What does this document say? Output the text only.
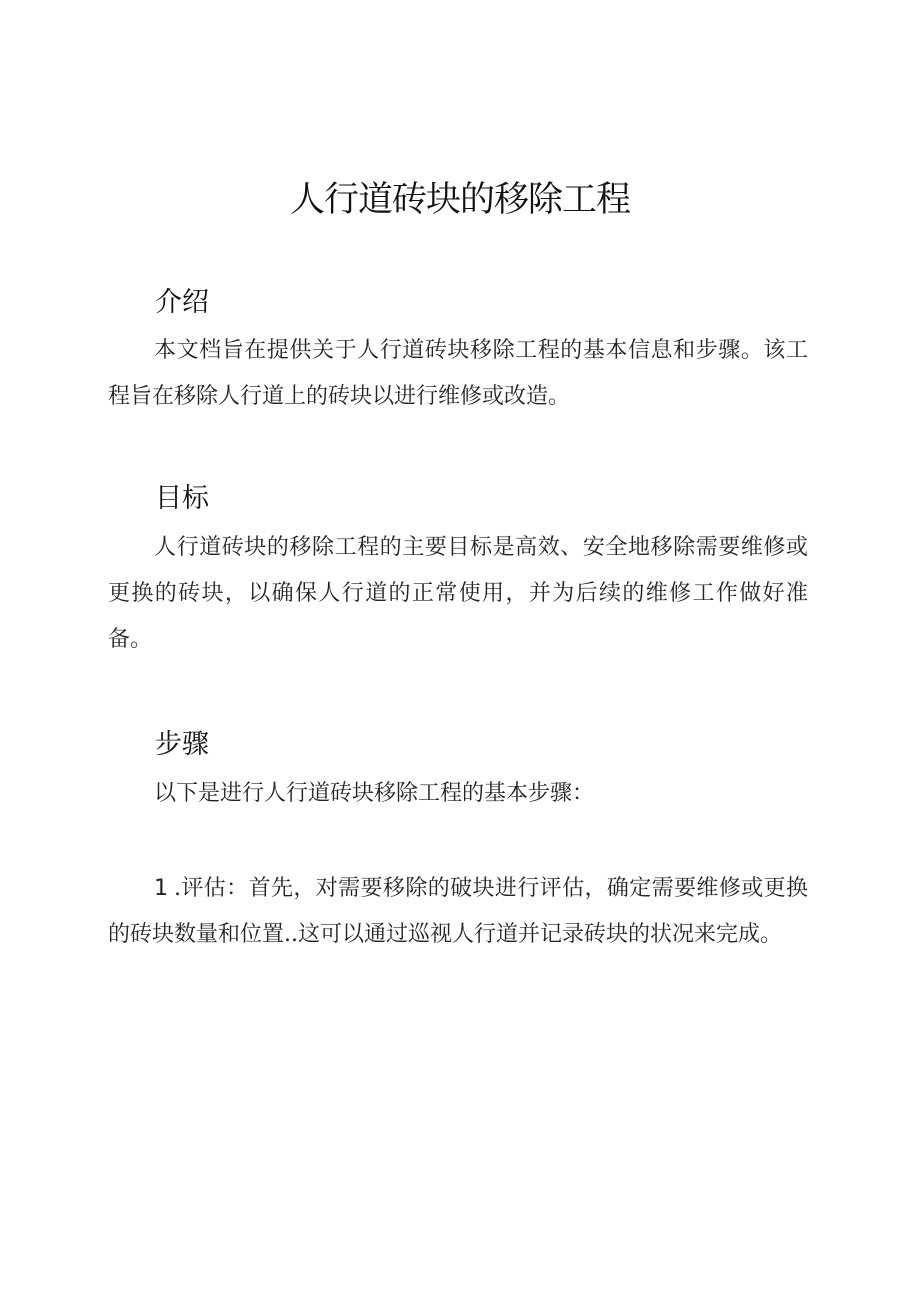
人行道砖块的移除工程
介绍

本文档旨在提供关于人行道砖块移除工程的基本信息和步骤。该工程旨在移除人行道上的砖块以进行维修或改造。

目标

人行道砖块的移除工程的主要目标是高效、安全地移除需要维修或更换的砖块，以确保人行道的正常使用，并为后续的维修工作做好准备。

步骤

以下是进行人行道砖块移除工程的基本步骤：

1 .评估：首先，对需要移除的破块进行评估，确定需要维修或更换的砖块数量和位置..这可以通过巡视人行道并记录砖块的状况来完成。
